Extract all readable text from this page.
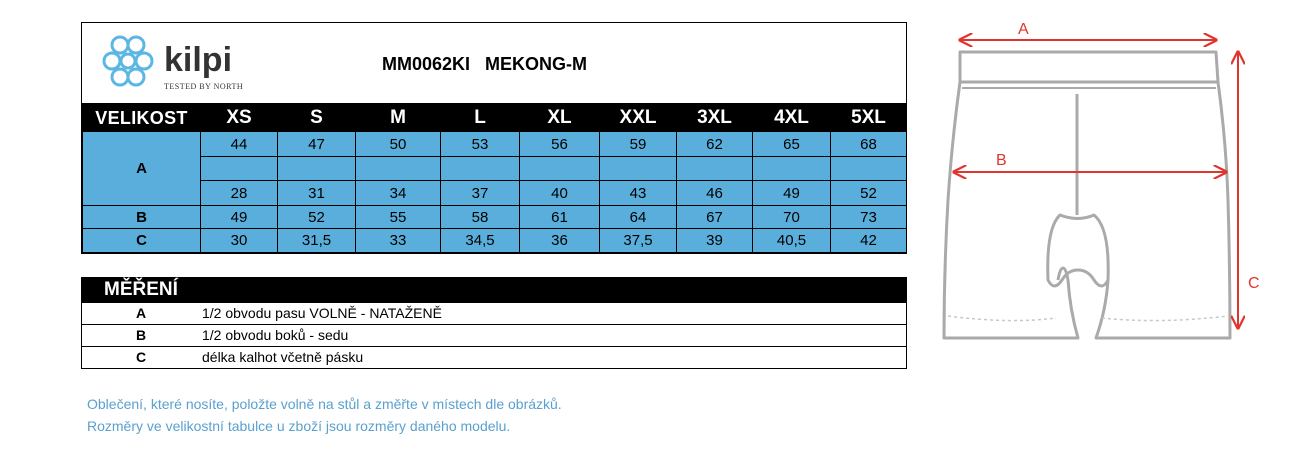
kilpi
TESTED BY NORTH
MM0062KI MEKONG-M
VELIKOST	XS	S	M	L	XL	XXL	3XL	4XL	5XL
A	44	47	50	53	56	59	62	65	68

	28	31	34	37	40	43	46	49	52
B	49	52	55	58	61	64	67	70	73
C	30	31,5	33	34,5	36	37,5	39	40,5	42
MĚŘENÍ
A	1/2 obvodu pasu VOLNĚ - NATAŽENĚ
B	1/2 obvodu boků - sedu
C	délka kalhot včetně pásku
Oblečení, které nosíte, položte volně na stůl a změřte v místech dle obrázků.
Rozměry ve velikostní tabulce u zboží jsou rozměry daného modelu.
A
B
C
